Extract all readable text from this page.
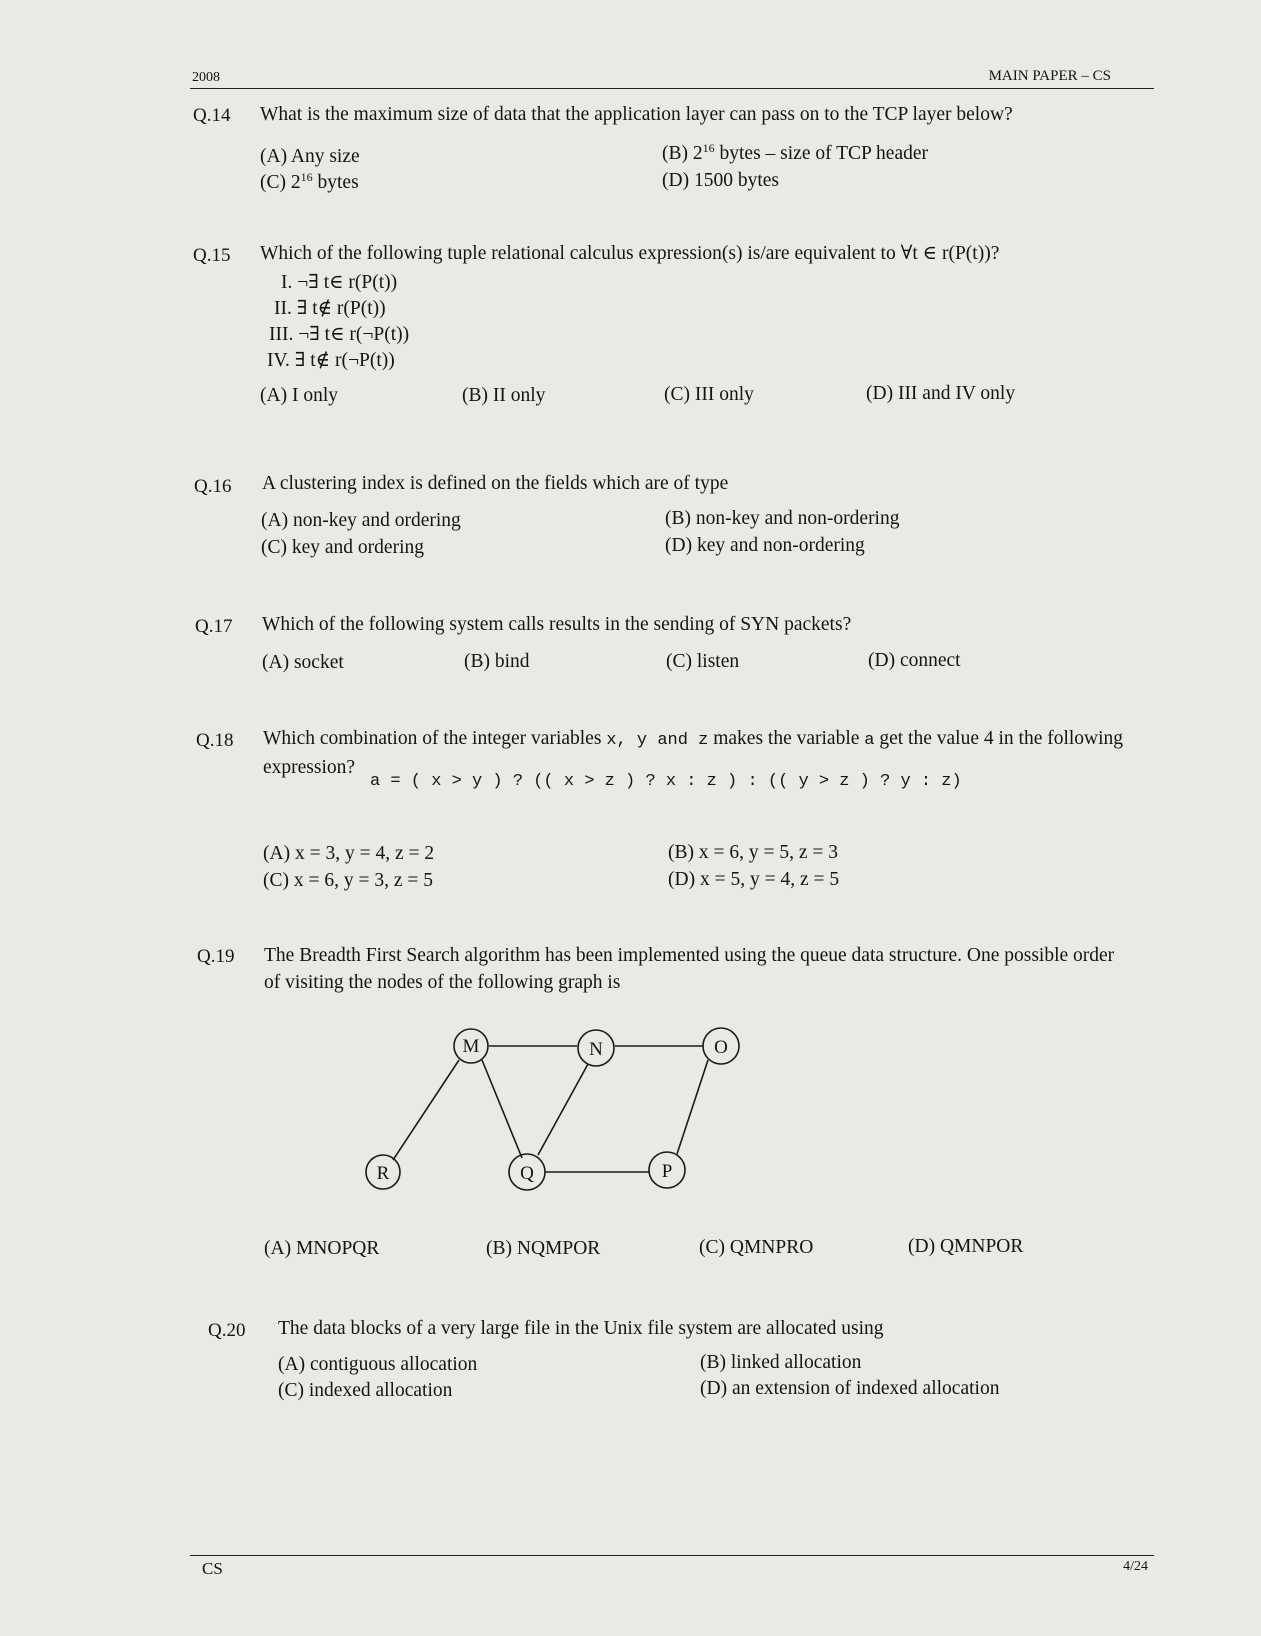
2008	MAIN PAPER – CS
Q.14 What is the maximum size of data that the application layer can pass on to the TCP layer below?
(A) Any size	(B) $2^{16}$ bytes – size of TCP header
(C) $2^{16}$ bytes	(D) 1500 bytes
Q.15 Which of the following tuple relational calculus expression(s) is/are equivalent to ∀t ∈ r(P(t))?
I. ¬∃ t∈ r(P(t))
II. ∃ t∉ r(P(t))
III. ¬∃ t∈ r(¬P(t))
IV. ∃ t∉ r(¬P(t))
(A) I only	(B) II only	(C) III only	(D) III and IV only
Q.16 A clustering index is defined on the fields which are of type
(A) non-key and ordering	(B) non-key and non-ordering
(C) key and ordering	(D) key and non-ordering
Q.17 Which of the following system calls results in the sending of SYN packets?
(A) socket	(B) bind	(C) listen	(D) connect
Q.18 Which combination of the integer variables x, y and z makes the variable a get the value 4 in the following expression?
a = ( x > y ) ? (( x > z ) ? x : z ) : (( y > z ) ? y : z)
(A) x = 3, y = 4, z = 2	(B) x = 6, y = 5, z = 3
(C) x = 6, y = 3, z = 5	(D) x = 5, y = 4, z = 5
Q.19 The Breadth First Search algorithm has been implemented using the queue data structure. One possible order of visiting the nodes of the following graph is
M	N	O
R	Q	P
(A) MNOPQR	(B) NQMPOR	(C) QMNPRO	(D) QMNPOR
Q.20 The data blocks of a very large file in the Unix file system are allocated using
(A) contiguous allocation	(B) linked allocation
(C) indexed allocation	(D) an extension of indexed allocation
CS	4/24
